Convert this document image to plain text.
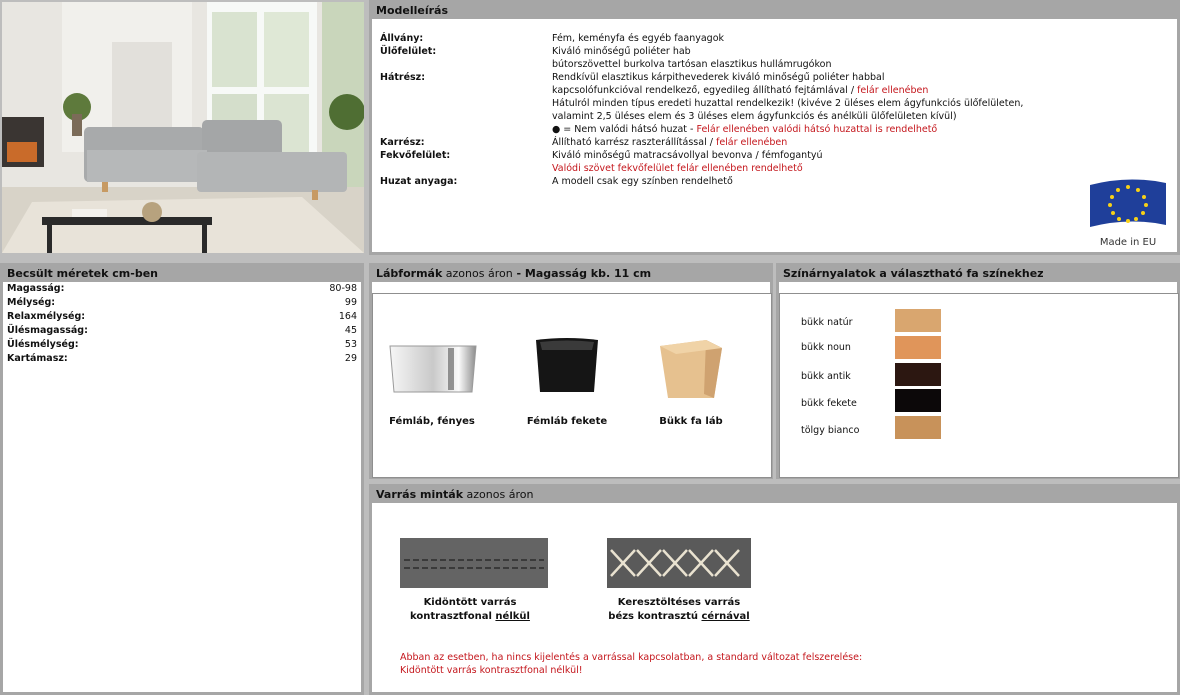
Modelleírás
Állvány:	Fém, keményfa és egyéb faanyagok
Ülőfelület:	Kiváló minőségű poliéter hab
bútorszövettel burkolva tartósan elasztikus hullámrugókon
Hátrész:	Rendkívül elasztikus kárpithevederek kiváló minőségű poliéter habbal
kapcsolófunkcióval rendelkező, egyedileg állítható fejtámlával / felár ellenében
Hátulról minden típus eredeti huzattal rendelkezik! (kivéve 2 üléses elem ágyfunkciós ülőfelületen,
valamint 2,5 üléses elem és 3 üléses elem ágyfunkciós és anélküli ülőfelületen kívül)
● = Nem valódi hátsó huzat - Felár ellenében valódi hátsó huzattal is rendelhető
Karrész:	Állítható karrész raszterállítással / felár ellenében
Fekvőfelület:	Kiváló minőségű matracsávollyal bevonva / fémfogantyú
Valódi szövet fekvőfelület felár ellenében rendelhető
Huzat anyaga:	A modell csak egy színben rendelhető
Made in EU
Becsült méretek cm-ben
Magasság:	80-98
Mélység:	99
Relaxmélység:	164
Ülésmagasság:	45
Ülésmélység:	53
Kartámasz:	29
Lábformák azonos áron - Magasság kb. 11 cm
Fémláb, fényes	Fémláb fekete	Bükk fa láb
Színárnyalatok a választható fa színekhez
bükk natúr
bükk noun
bükk antik
bükk fekete
tölgy bianco
Varrás minták azonos áron
Kidöntött varrás
kontrasztfonal nélkül
Keresztöltéses varrás
bézs kontrasztú cérnával
Abban az esetben, ha nincs kijelentés a varrással kapcsolatban, a standard változat felszerelése:
Kidöntött varrás kontrasztfonal nélkül!
